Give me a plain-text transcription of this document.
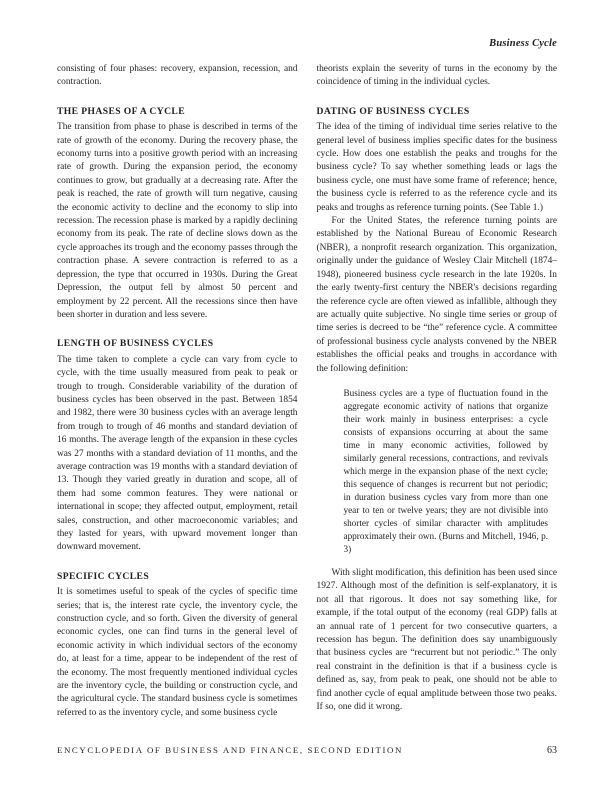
Business Cycle

consisting of four phases: recovery, expansion, recession, and contraction.

THE PHASES OF A CYCLE

The transition from phase to phase is described in terms of the rate of growth of the economy. During the recovery phase, the economy turns into a positive growth period with an increasing rate of growth. During the expansion period, the economy continues to grow, but gradually at a decreasing rate. After the peak is reached, the rate of growth will turn negative, causing the economic activity to decline and the economy to slip into recession. The recession phase is marked by a rapidly declining economy from its peak. The rate of decline slows down as the cycle approaches its trough and the economy passes through the contraction phase. A severe contraction is referred to as a depression, the type that occurred in 1930s. During the Great Depression, the output fell by almost 50 percent and employment by 22 percent. All the recessions since then have been shorter in duration and less severe.

LENGTH OF BUSINESS CYCLES

The time taken to complete a cycle can vary from cycle to cycle, with the time usually measured from peak to peak or trough to trough. Considerable variability of the duration of business cycles has been observed in the past. Between 1854 and 1982, there were 30 business cycles with an average length from trough to trough of 46 months and standard deviation of 16 months. The average length of the expansion in these cycles was 27 months with a standard deviation of 11 months, and the average contraction was 19 months with a standard deviation of 13. Though they varied greatly in duration and scope, all of them had some common features. They were national or international in scope; they affected output, employment, retail sales, construction, and other macroeconomic variables; and they lasted for years, with upward movement longer than downward movement.

SPECIFIC CYCLES

It is sometimes useful to speak of the cycles of specific time series; that is, the interest rate cycle, the inventory cycle, the construction cycle, and so forth. Given the diversity of general economic cycles, one can find turns in the general level of economic activity in which individual sectors of the economy do, at least for a time, appear to be independent of the rest of the economy. The most frequently mentioned individual cycles are the inventory cycle, the building or construction cycle, and the agricultural cycle. The standard business cycle is sometimes referred to as the inventory cycle, and some business cycle

theorists explain the severity of turns in the economy by the coincidence of timing in the individual cycles.

DATING OF BUSINESS CYCLES

The idea of the timing of individual time series relative to the general level of business implies specific dates for the business cycle. How does one establish the peaks and troughs for the business cycle? To say whether something leads or lags the business cycle, one must have some frame of reference; hence, the business cycle is referred to as the reference cycle and its peaks and troughs as reference turning points. (See Table 1.)

For the United States, the reference turning points are established by the National Bureau of Economic Research (NBER), a nonprofit research organization. This organization, originally under the guidance of Wesley Clair Mitchell (1874–1948), pioneered business cycle research in the late 1920s. In the early twenty-first century the NBER's decisions regarding the reference cycle are often viewed as infallible, although they are actually quite subjective. No single time series or group of time series is decreed to be “the” reference cycle. A committee of professional business cycle analysts convened by the NBER establishes the official peaks and troughs in accordance with the following definition:

Business cycles are a type of fluctuation found in the aggregate economic activity of nations that organize their work mainly in business enterprises: a cycle consists of expansions occurring at about the same time in many economic activities, followed by similarly general recessions, contractions, and revivals which merge in the expansion phase of the next cycle; this sequence of changes is recurrent but not periodic; in duration business cycles vary from more than one year to ten or twelve years; they are not divisible into shorter cycles of similar character with amplitudes approximately their own. (Burns and Mitchell, 1946, p. 3)

With slight modification, this definition has been used since 1927. Although most of the definition is self-explanatory, it is not all that rigorous. It does not say something like, for example, if the total output of the economy (real GDP) falls at an annual rate of 1 percent for two consecutive quarters, a recession has begun. The definition does say unambiguously that business cycles are “recurrent but not periodic.” The only real constraint in the definition is that if a business cycle is defined as, say, from peak to peak, one should not be able to find another cycle of equal amplitude between those two peaks. If so, one did it wrong.

ENCYCLOPEDIA OF BUSINESS AND FINANCE, SECOND EDITION	63
